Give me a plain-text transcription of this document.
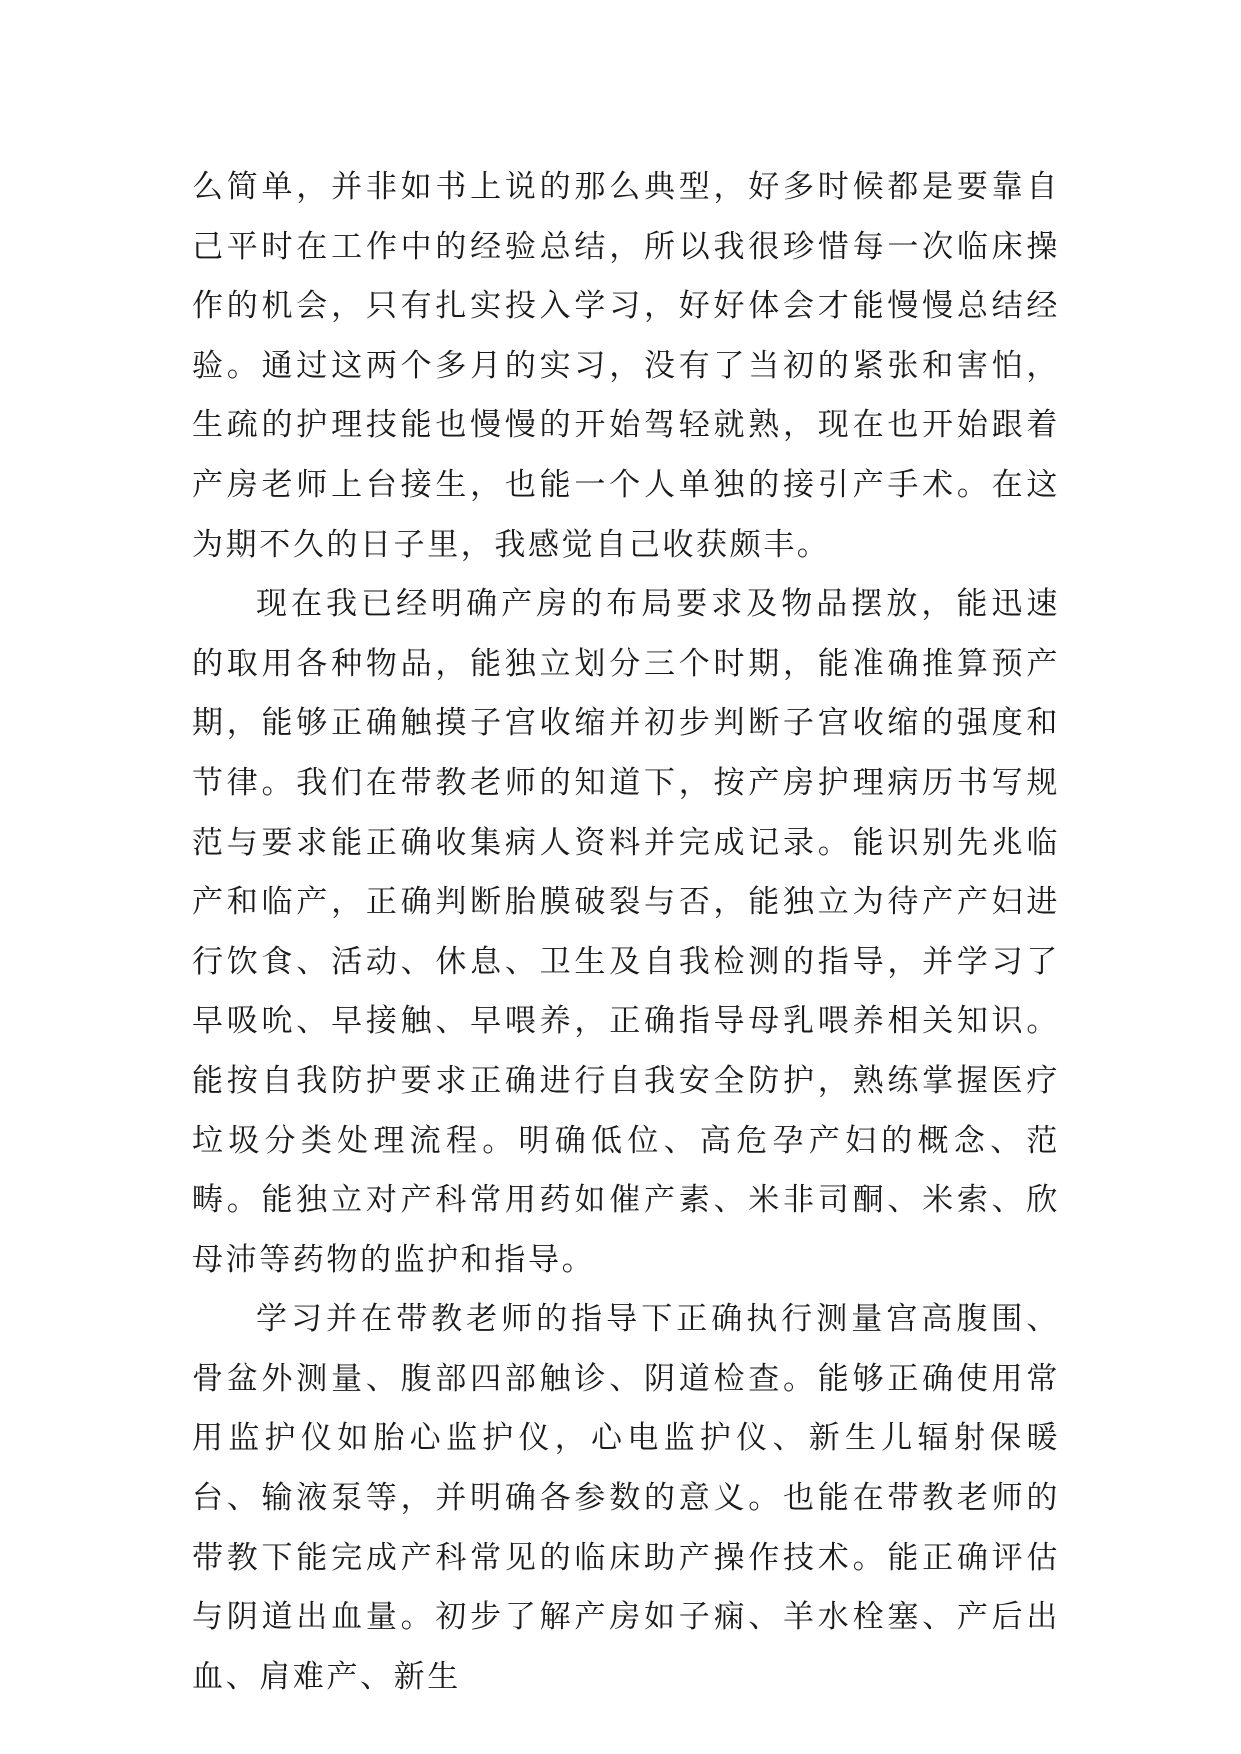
么简单，并非如书上说的那么典型，好多时候都是要靠自己平时在工作中的经验总结，所以我很珍惜每一次临床操作的机会，只有扎实投入学习，好好体会才能慢慢总结经验。通过这两个多月的实习，没有了当初的紧张和害怕，生疏的护理技能也慢慢的开始驾轻就熟，现在也开始跟着产房老师上台接生，也能一个人单独的接引产手术。在这为期不久的日子里，我感觉自己收获颇丰。

现在我已经明确产房的布局要求及物品摆放，能迅速的取用各种物品，能独立划分三个时期，能准确推算预产期，能够正确触摸子宫收缩并初步判断子宫收缩的强度和节律。我们在带教老师的知道下，按产房护理病历书写规范与要求能正确收集病人资料并完成记录。能识别先兆临产和临产，正确判断胎膜破裂与否，能独立为待产产妇进行饮食、活动、休息、卫生及自我检测的指导，并学习了早吸吮、早接触、早喂养，正确指导母乳喂养相关知识。能按自我防护要求正确进行自我安全防护，熟练掌握医疗垃圾分类处理流程。明确低位、高危孕产妇的概念、范畴。能独立对产科常用药如催产素、米非司酮、米索、欣母沛等药物的监护和指导。

学习并在带教老师的指导下正确执行测量宫高腹围、骨盆外测量、腹部四部触诊、阴道检查。能够正确使用常用监护仪如胎心监护仪，心电监护仪、新生儿辐射保暖台、输液泵等，并明确各参数的意义。也能在带教老师的带教下能完成产科常见的临床助产操作技术。能正确评估与阴道出血量。初步了解产房如子痫、羊水栓塞、产后出血、肩难产、新生
